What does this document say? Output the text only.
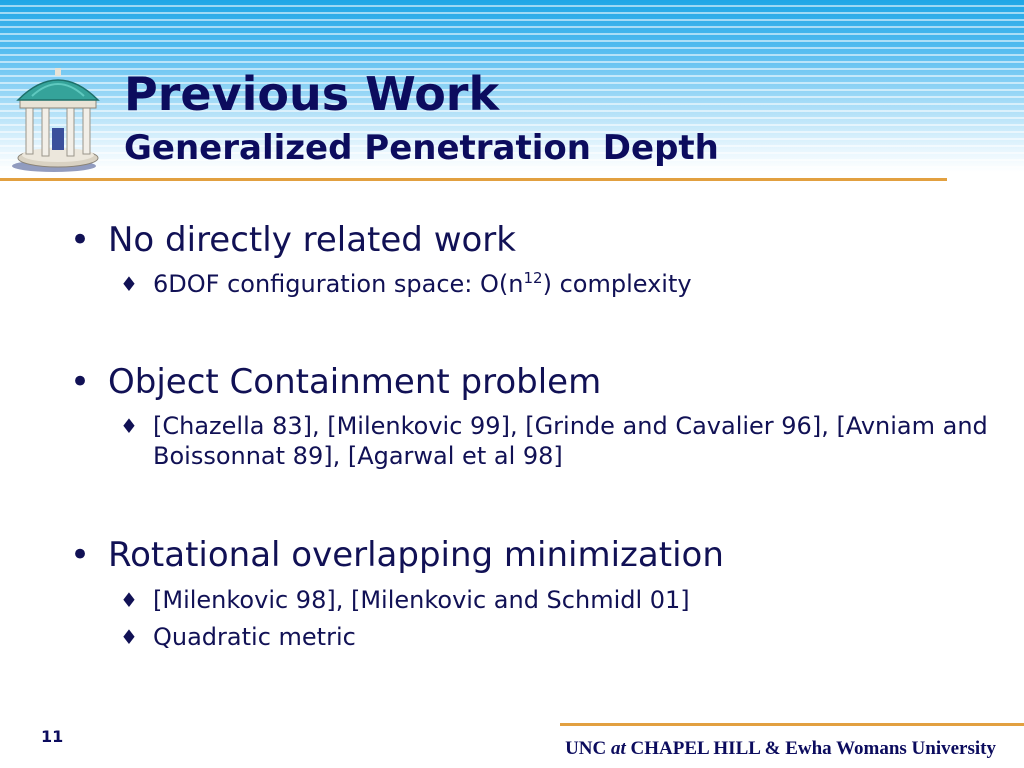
Previous Work
Generalized Penetration Depth
• No directly related work
♦ 6DOF configuration space: $O(n^{12})$ complexity
• Object Containment problem
♦ [Chazella 83], [Milenkovic 99], [Grinde and Cavalier 96], [Avniam and Boissonnat 89], [Agarwal et al 98]
• Rotational overlapping minimization
♦ [Milenkovic 98], [Milenkovic and Schmidl 01]
♦ Quadratic metric
11
UNC at CHAPEL HILL & Ewha Womans University
